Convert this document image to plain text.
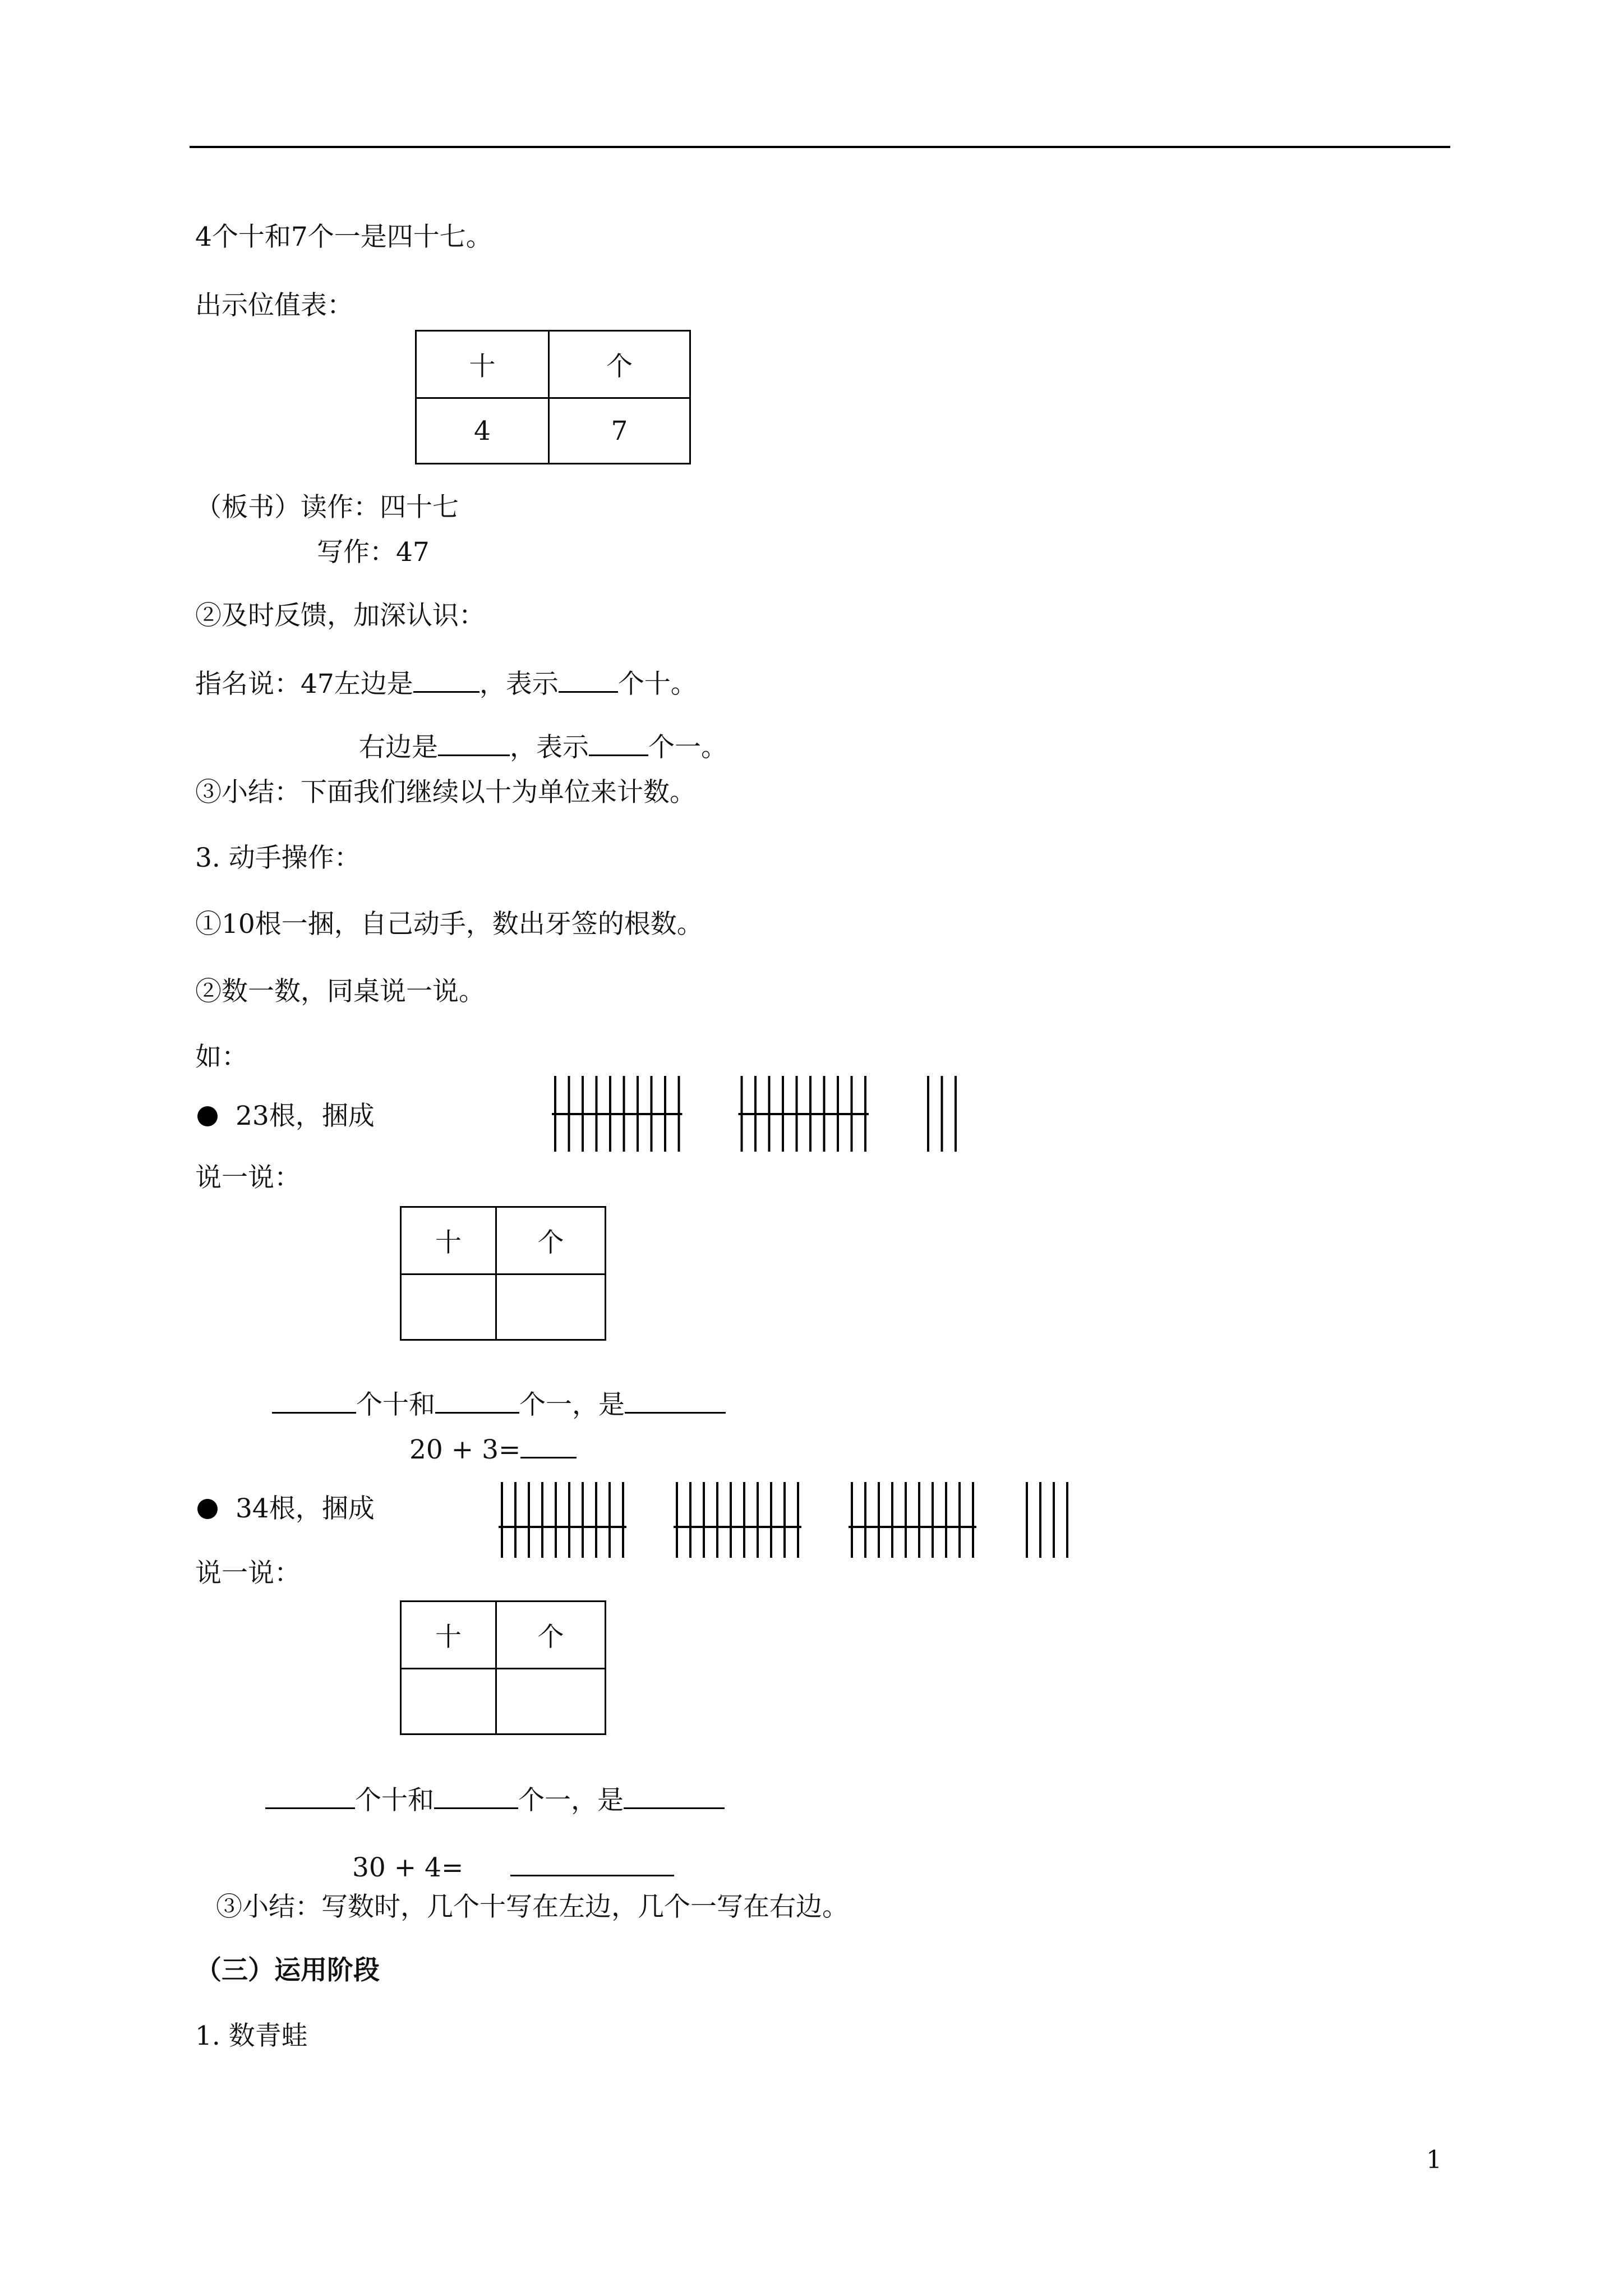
4个十和7个一是四十七。
出示位值表：
十	个
4	7
（板书）读作：四十七
写作：47
②及时反馈，加深认识：
指名说：47左边是	，表示 个十。
右边是	，表示 个一。
③小结：下面我们继续以十为单位来计数。
3. 动手操作：
①10根一捆，自己动手，数出牙签的根数。
②数一数，同桌说一说。
如：
23根，捆成
说一说：
十	个

个十和	个一，是
20 + 3=
34根，捆成
说一说：
十	个

个十和	个一，是
30 + 4=
③小结：写数时，几个十写在左边，几个一写在右边。
（三）运用阶段
1. 数青蛙
1
